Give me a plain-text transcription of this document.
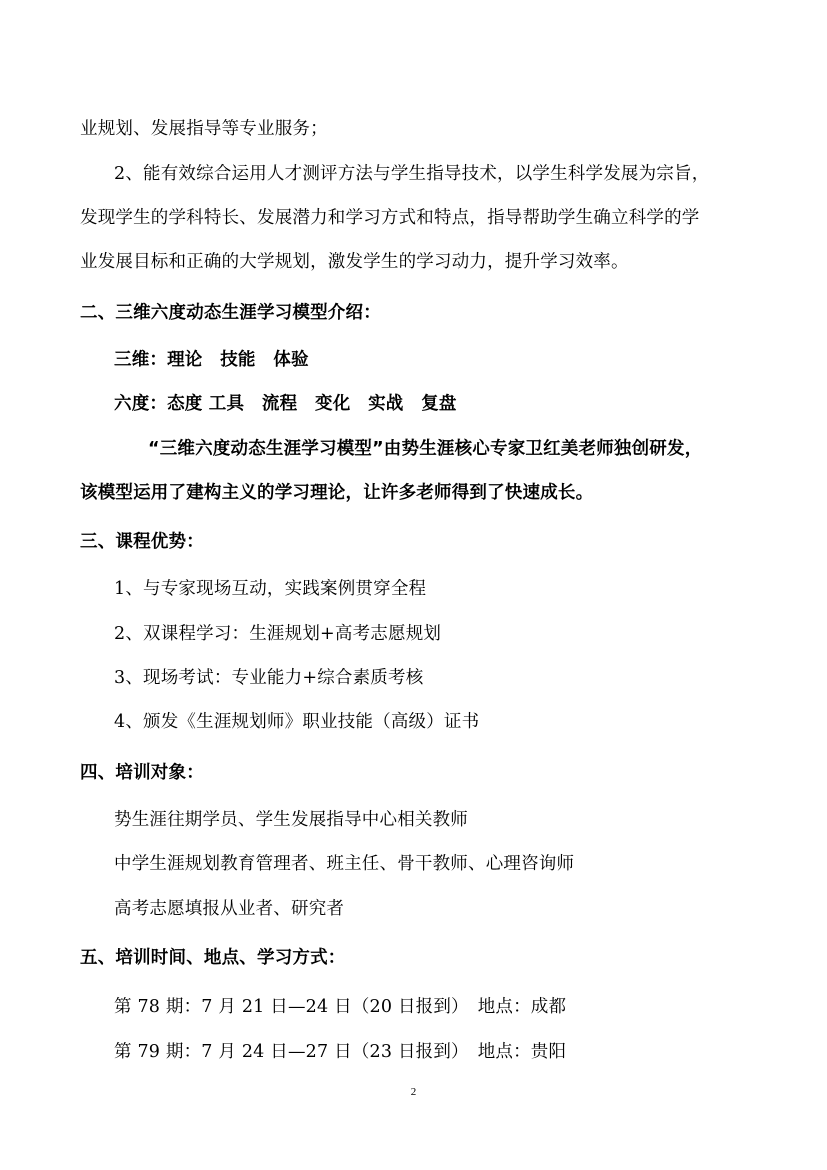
业规划、发展指导等专业服务；
2、能有效综合运用人才测评方法与学生指导技术，以学生科学发展为宗旨，
发现学生的学科特长、发展潜力和学习方式和特点，指导帮助学生确立科学的学
业发展目标和正确的大学规划，激发学生的学习动力，提升学习效率。
二、三维六度动态生涯学习模型介绍：
三维：理论　技能　体验
六度：态度 工具　流程　变化　实战　复盘
“三维六度动态生涯学习模型”由势生涯核心专家卫红美老师独创研发，
该模型运用了建构主义的学习理论，让许多老师得到了快速成长。
三、课程优势：
1、与专家现场互动，实践案例贯穿全程
2、双课程学习：生涯规划+高考志愿规划
3、现场考试：专业能力+综合素质考核
4、颁发《生涯规划师》职业技能（高级）证书
四、培训对象：
势生涯往期学员、学生发展指导中心相关教师
中学生涯规划教育管理者、班主任、骨干教师、心理咨询师
高考志愿填报从业者、研究者
五、培训时间、地点、学习方式：
第 78 期：7 月 21 日—24 日（20 日报到）　地点：成都
第 79 期：7 月 24 日—27 日（23 日报到）　地点：贵阳
2
